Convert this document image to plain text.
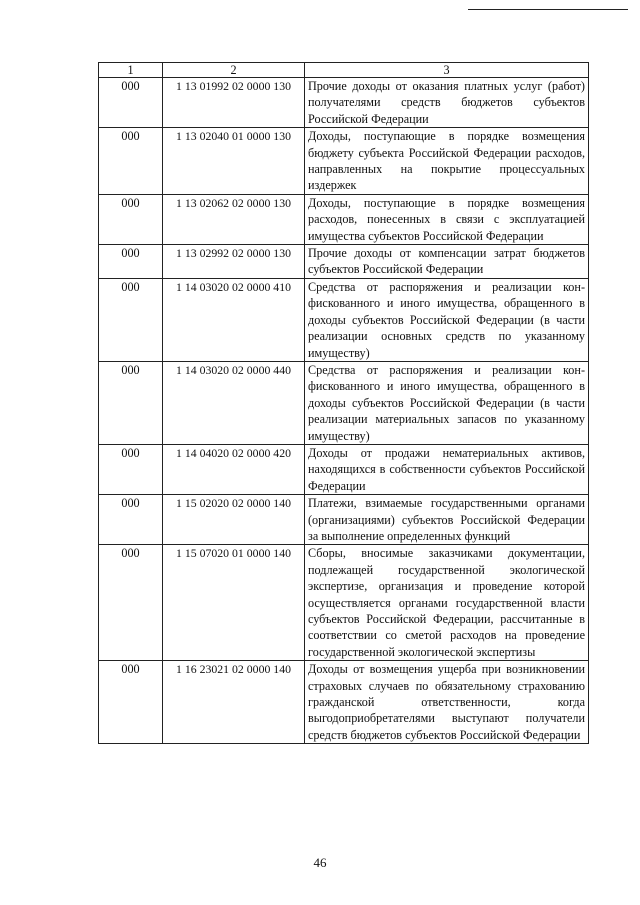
1	2	3
000	1 13 01992 02 0000 130	Прочие доходы от оказания платных услуг (работ) получателями средств бюджетов субъектов Российской Федерации
000	1 13 02040 01 0000 130	Доходы, поступающие в порядке возмещения бюджету субъекта Российской Федерации расходов, направленных на покрытие процессуальных издержек
000	1 13 02062 02 0000 130	Доходы, поступающие в порядке возмещения расходов, понесенных в связи с эксплуатацией имущества субъектов Российской Федерации
000	1 13 02992 02 0000 130	Прочие доходы от компенсации затрат бюджетов субъектов Российской Федерации
000	1 14 03020 02 0000 410	Средства от распоряжения и реализации конфискованного и иного имущества, обращенного в доходы субъектов Российской Федерации (в части реализации основных средств по указанному имуществу)
000	1 14 03020 02 0000 440	Средства от распоряжения и реализации конфискованного и иного имущества, обращенного в доходы субъектов Российской Федерации (в части реализации материальных запасов по указанному имуществу)
000	1 14 04020 02 0000 420	Доходы от продажи нематериальных активов, находящихся в собственности субъектов Российской Федерации
000	1 15 02020 02 0000 140	Платежи, взимаемые государственными органами (организациями) субъектов Российской Федерации за выполнение определенных функций
000	1 15 07020 01 0000 140	Сборы, вносимые заказчиками документации, подлежащей государственной экологической экспертизе, организация и проведение которой осуществляется органами государственной власти субъектов Российской Федерации, рассчитанные в соответствии со сметой расходов на проведение государственной экологической экспертизы
000	1 16 23021 02 0000 140	Доходы от возмещения ущерба при возникновении страховых случаев по обязательному страхованию гражданской ответственности, когда выгодоприобретателями выступают получатели средств бюджетов субъектов Российской Федерации
46
